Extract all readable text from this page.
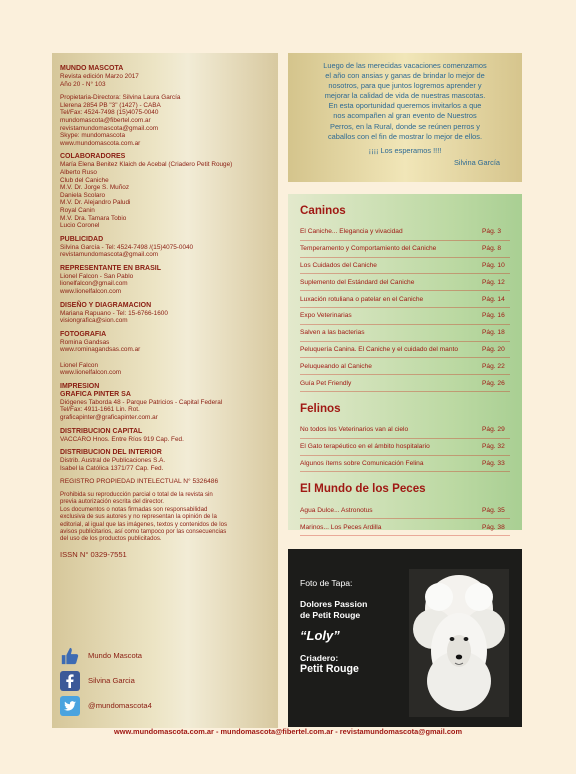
MUNDO MASCOTA
Revista edición Marzo 2017
Año 20 - N° 103
Propietaria-Directora: Silvina Laura García
Llerena 2854 PB "3" (1427) - CABA
Tel/Fax: 4524-7498 (15)4075-0040
mundomascota@fibertel.com.ar
revistamundomascota@gmail.com
Skype: mundomascota
www.mundomascota.com.ar
COLABORADORES
María Elena Benitez Klaich de Acebal (Criadero Petit Rouge)
Alberto Ruso
Club del Caniche
M.V. Dr. Jorge S. Muñoz
Daniela Scolaro
M.V. Dr. Alejandro Paludi
Royal Canin
M.V. Dra. Tamara Tobio
Lucio Coronel
PUBLICIDAD
Silvina García - Tel: 4524-7498 /(15)4075-0040
revistamundomascota@gmail.com
REPRESENTANTE EN BRASIL
Lionel Falcon - San Pablo
lionelfalcon@gmail.com
www.lionelfalcon.com
DISEÑO Y DIAGRAMACION
Mariana Rapuano - Tel: 15-6766-1600
visiongrafica@sion.com
FOTOGRAFIA
Romina Gandsas
www.rominagandsas.com.ar

Lionel Falcon
www.lionelfalcon.com
IMPRESION
GRAFICA PINTER SA
Diógenes Taborda 48 - Parque Patricios - Capital Federal
Tel/Fax: 4911-1661 Lin. Rot.
graficapinter@graficapinter.com.ar
DISTRIBUCION CAPITAL
VACCARO Hnos. Entre Ríos 919 Cap. Fed.
DISTRIBUCION DEL INTERIOR
Distrib. Austral de Publicaciones S.A.
Isabel la Católica 1371/77 Cap. Fed.
REGISTRO PROPIEDAD INTELECTUAL N° 5326486
Prohibida su reproducción parcial o total de la revista sin
previa autorización escrita del director.
Los documentos o notas firmadas son responsabilidad
exclusiva de sus autores y no representan la opinión de la
editorial, al igual que las imágenes, textos y contenidos de los
avisos publicitarios, así como tampoco por las consecuencias
del uso de los productos publicitados.
ISSN N° 0329-7551
Mundo Mascota
Silvina Garcia
@mundomascota4

Luego de las merecidas vacaciones comenzamos

el año con ansias y ganas de brindar lo mejor de

nosotros, para que juntos logremos aprender y

mejorar la calidad de vida de nuestras mascotas.

En esta oportunidad queremos invitarlos a que

nos acompañen al gran evento de Nuestros

Perros, en la Rural, donde se reúnen perros y

caballos con el fin de mostrar lo mejor de ellos.

¡¡¡¡ Los esperamos !!!!

Silvina García

Caninos
El Caniche... Elegancia y vivacidad	Pág. 3
Temperamento y Comportamiento del Caniche	Pág. 8
Los Cuidados del Caniche	Pág. 10
Suplemento del Estándard del Caniche	Pág. 12
Luxación rotuliana o patelar en el Caniche	Pág. 14
Expo Veterinarias	Pág. 16
Salven a las bacterias	Pág. 18
Peluquería Canina. El Caniche y el cuidado del manto	Pág. 20
Peluqueando al Caniche	Pág. 22
Guía Pet Friendly	Pág. 26
Felinos
No todos los Veterinarios van al cielo	Pág. 29
El Gato terapéutico en el ámbito hospitalario	Pág. 32
Algunos ítems sobre Comunicación Felina	Pág. 33
El Mundo de los Peces
Agua Dulce... Astronotus	Pág. 35
Marinos... Los Peces Ardilla	Pág. 38
Foto de Tapa:
Dolores Passion
de Petit Rouge
“Loly”
Criadero:
Petit Rouge
www.mundomascota.com.ar - mundomascota@fibertel.com.ar - revistamundomascota@gmail.com
